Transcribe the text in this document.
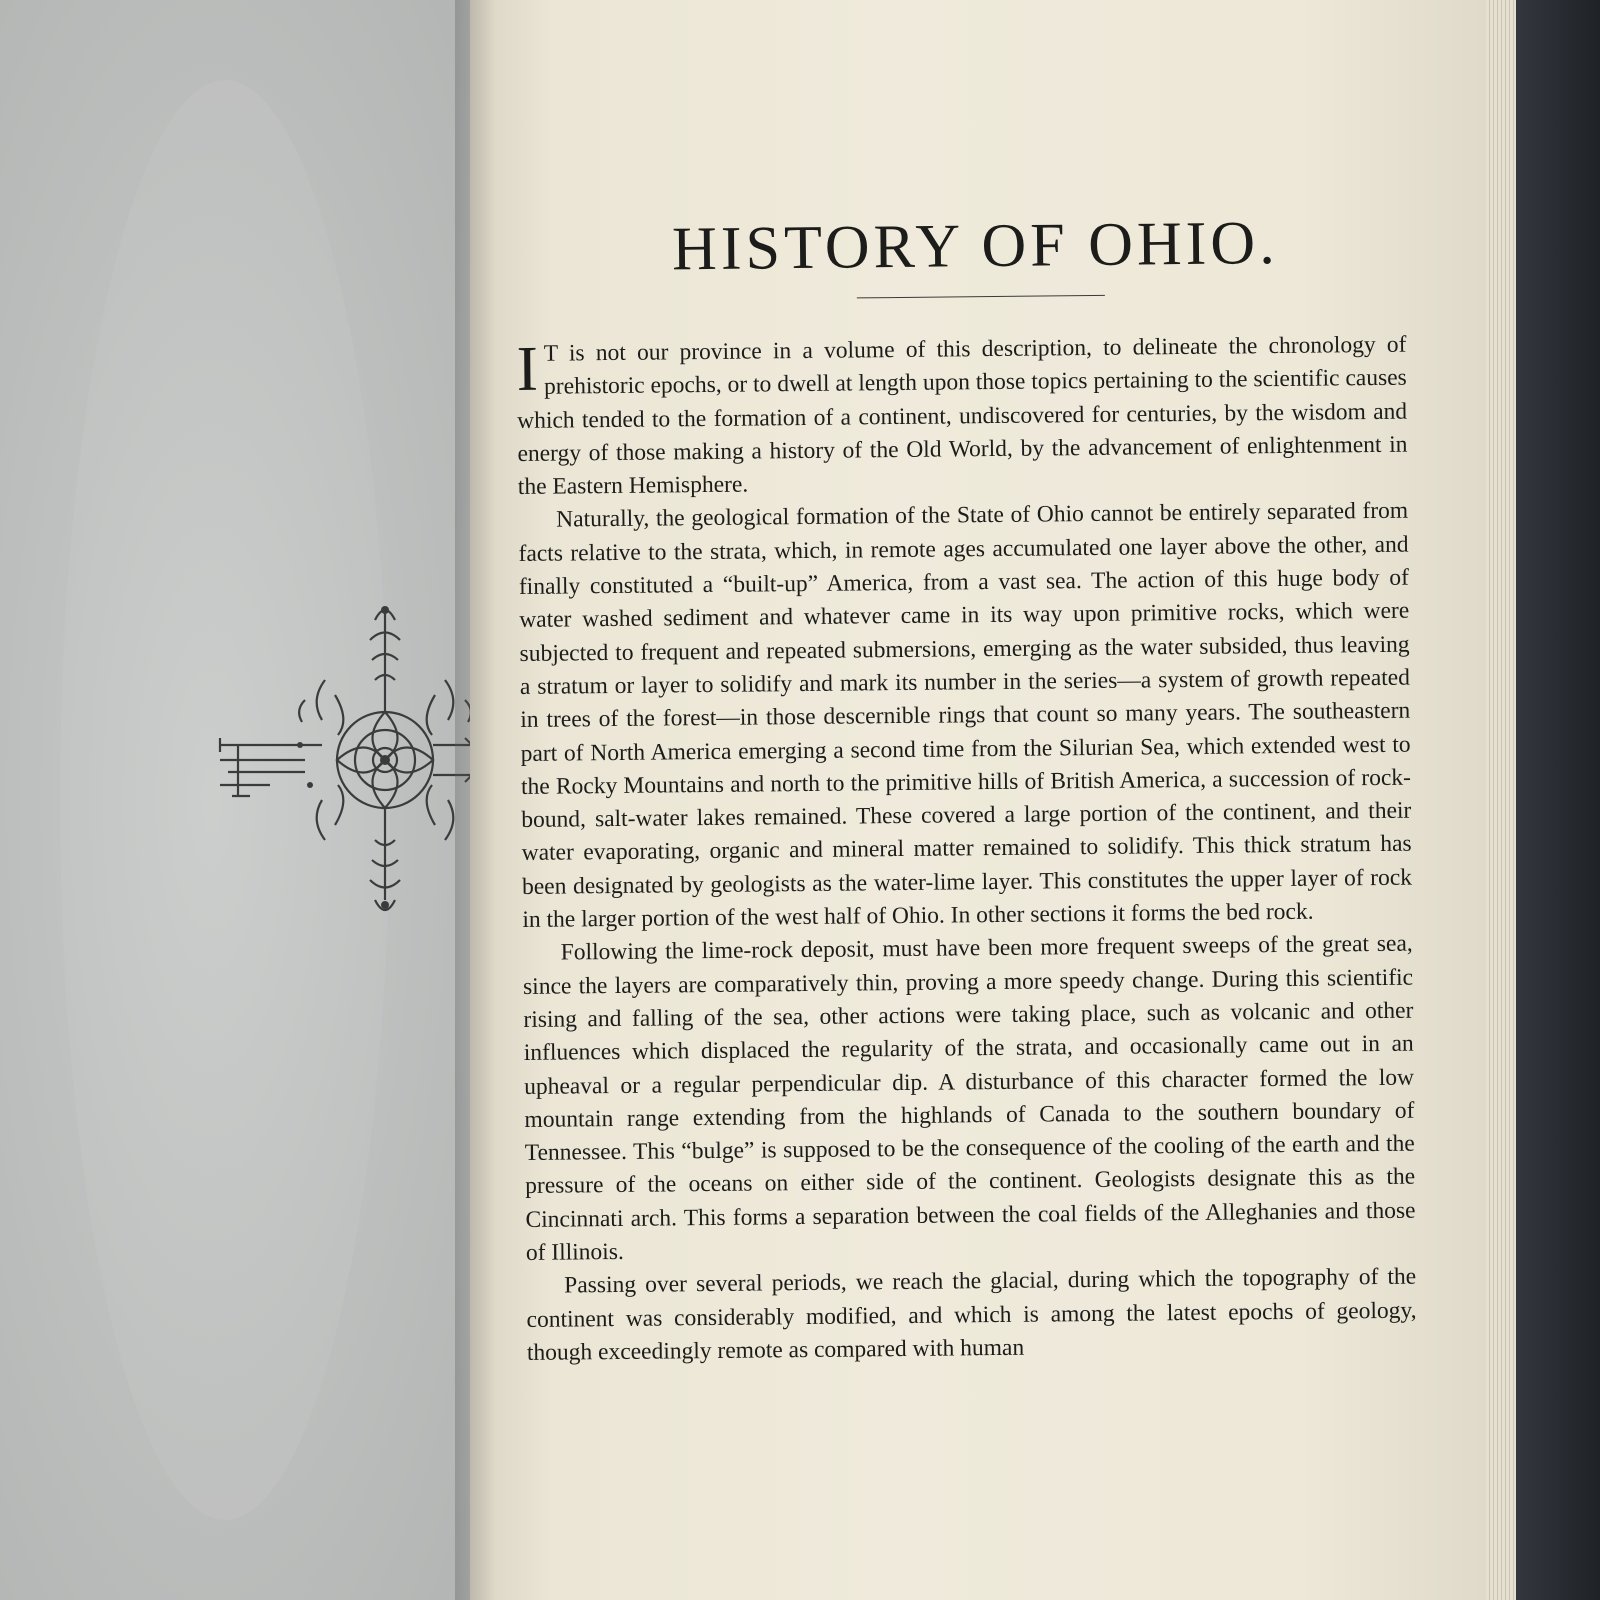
HISTORY OF OHIO.

I T is not our province in a volume of this description, to delineate the chronology of prehistoric epochs, or to dwell at length upon those topics pertaining to the scientific causes which tended to the formation of a continent, undiscovered for centuries, by the wisdom and energy of those making a history of the Old World, by the advancement of enlightenment in the Eastern Hemisphere.

Naturally, the geological formation of the State of Ohio cannot be entirely separated from facts relative to the strata, which, in remote ages accumulated one layer above the other, and finally constituted a “built-up” America, from a vast sea. The action of this huge body of water washed sediment and whatever came in its way upon primitive rocks, which were subjected to frequent and repeated submersions, emerging as the water subsided, thus leaving a stratum or layer to solidify and mark its number in the series—a system of growth repeated in trees of the forest—in those descernible rings that count so many years. The southeastern part of North America emerging a second time from the Silurian Sea, which extended west to the Rocky Mountains and north to the primitive hills of British America, a succession of rock-bound, salt-water lakes remained. These covered a large portion of the continent, and their water evaporating, organic and mineral matter remained to solidify. This thick stratum has been designated by geologists as the water-lime layer. This constitutes the upper layer of rock in the larger portion of the west half of Ohio. In other sections it forms the bed rock.

Following the lime-rock deposit, must have been more frequent sweeps of the great sea, since the layers are comparatively thin, proving a more speedy change. During this scientific rising and falling of the sea, other actions were taking place, such as volcanic and other influences which displaced the regularity of the strata, and occasionally came out in an upheaval or a regular perpendicular dip. A disturbance of this character formed the low mountain range extending from the highlands of Canada to the southern boundary of Tennessee. This “bulge” is supposed to be the consequence of the cooling of the earth and the pressure of the oceans on either side of the continent. Geologists designate this as the Cincinnati arch. This forms a separation between the coal fields of the Alleghanies and those of Illinois.

Passing over several periods, we reach the glacial, during which the topography of the continent was considerably modified, and which is among the latest epochs of geology, though exceedingly remote as compared with human
